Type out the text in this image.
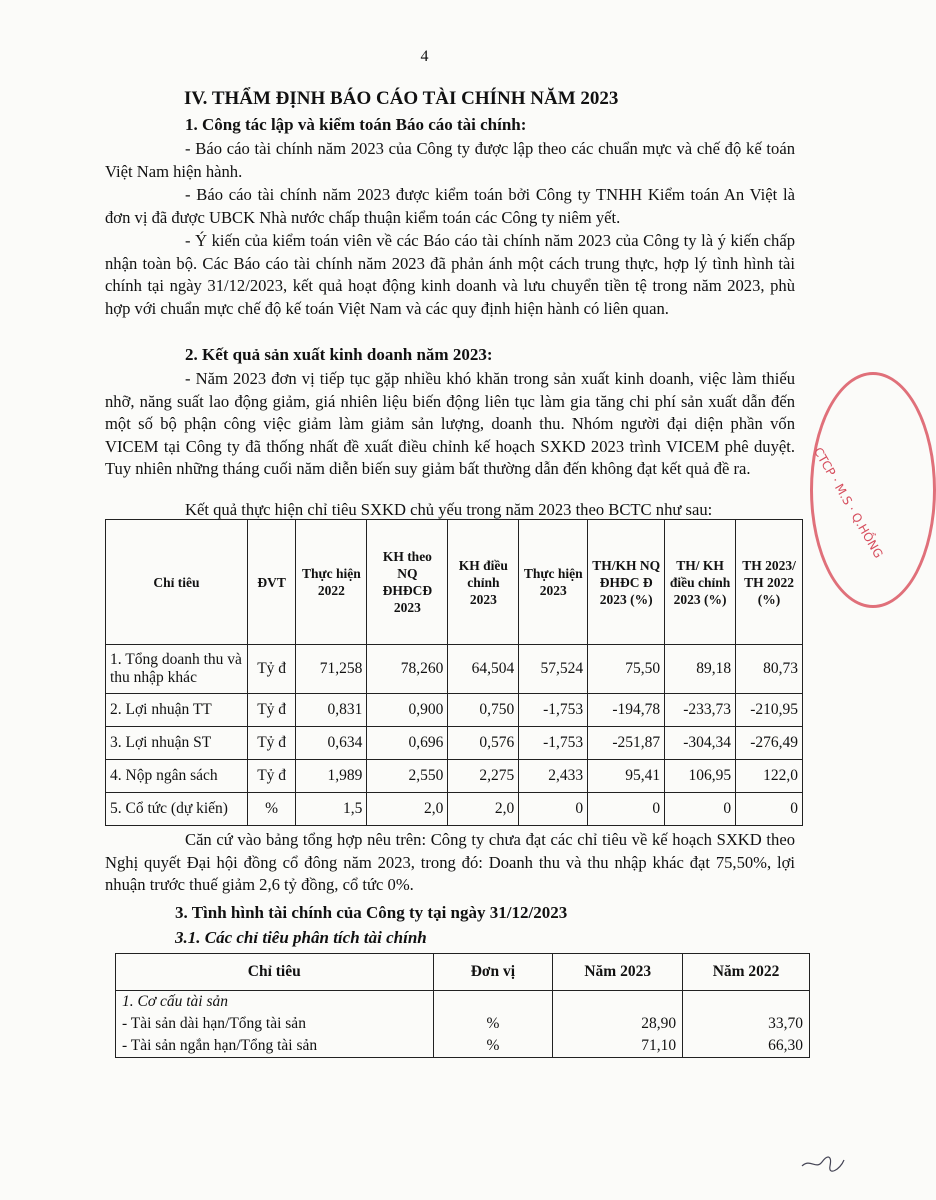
4
IV. THẨM ĐỊNH BÁO CÁO TÀI CHÍNH NĂM 2023
1. Công tác lập và kiểm toán Báo cáo tài chính:

- Báo cáo tài chính năm 2023 của Công ty được lập theo các chuẩn mực và chế độ kế toán Việt Nam hiện hành.

- Báo cáo tài chính năm 2023 được kiểm toán bởi Công ty TNHH Kiểm toán An Việt là đơn vị đã được UBCK Nhà nước chấp thuận kiểm toán các Công ty niêm yết.

- Ý kiến của kiểm toán viên về các Báo cáo tài chính năm 2023 của Công ty là ý kiến chấp nhận toàn bộ. Các Báo cáo tài chính năm 2023 đã phản ánh một cách trung thực, hợp lý tình hình tài chính tại ngày 31/12/2023, kết quả hoạt động kinh doanh và lưu chuyển tiền tệ trong năm 2023, phù hợp với chuẩn mực chế độ kế toán Việt Nam và các quy định hiện hành có liên quan.

2. Kết quả sản xuất kinh doanh năm 2023:

- Năm 2023 đơn vị tiếp tục gặp nhiều khó khăn trong sản xuất kinh doanh, việc làm thiếu nhỡ, năng suất lao động giảm, giá nhiên liệu biến động liên tục làm gia tăng chi phí sản xuất dẫn đến một số bộ phận công việc giảm làm giảm sản lượng, doanh thu. Nhóm người đại diện phần vốn VICEM tại Công ty đã thống nhất đề xuất điều chỉnh kế hoạch SXKD 2023 trình VICEM phê duyệt. Tuy nhiên những tháng cuối năm diễn biến suy giảm bất thường dẫn đến không đạt kết quả đề ra.

Kết quả thực hiện chỉ tiêu SXKD chủ yếu trong năm 2023 theo BCTC như sau:
Chỉ tiêu	ĐVT	Thực hiện 2022	KH theo NQ ĐHĐCĐ 2023	KH điều chỉnh 2023	Thực hiện 2023	TH/KH NQ ĐHĐC Đ 2023 (%)	TH/ KH điều chỉnh 2023 (%)	TH 2023/ TH 2022 (%)
1. Tổng doanh thu và thu nhập khác	Tỷ đ	71,258	78,260	64,504	57,524	75,50	89,18	80,73
2. Lợi nhuận TT	Tỷ đ	0,831	0,900	0,750	-1,753	-194,78	-233,73	-210,95
3. Lợi nhuận ST	Tỷ đ	0,634	0,696	0,576	-1,753	-251,87	-304,34	-276,49
4. Nộp ngân sách	Tỷ đ	1,989	2,550	2,275	2,433	95,41	106,95	122,0
5. Cổ tức (dự kiến)	%	1,5	2,0	2,0	0	0	0	0

Căn cứ vào bảng tổng hợp nêu trên: Công ty chưa đạt các chỉ tiêu về kế hoạch SXKD theo Nghị quyết Đại hội đồng cổ đông năm 2023, trong đó: Doanh thu và thu nhập khác đạt 75,50%, lợi nhuận trước thuế giảm 2,6 tỷ đồng, cổ tức 0%.

3. Tình hình tài chính của Công ty tại ngày 31/12/2023
3.1. Các chỉ tiêu phân tích tài chính
Chỉ tiêu	Đơn vị	Năm 2023	Năm 2022
1. Cơ cấu tài sản			
- Tài sản dài hạn/Tổng tài sản	%	28,90	33,70
- Tài sản ngắn hạn/Tổng tài sản	%	71,10	66,30
CTCP · M.S · Q.HỒNG
